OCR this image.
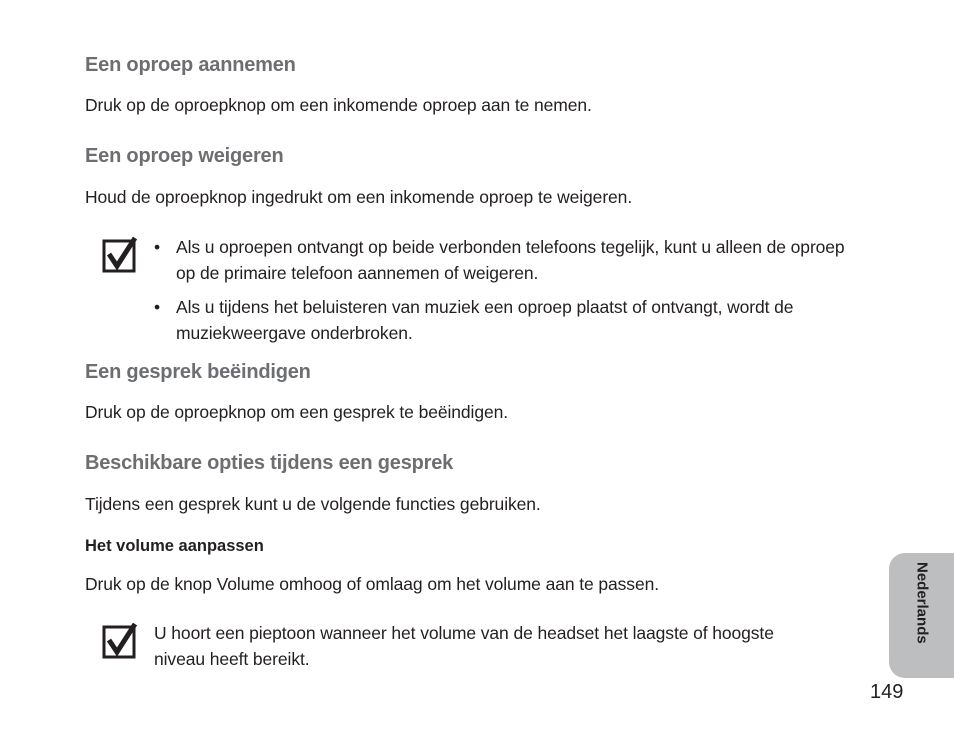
Een oproep aannemen

Druk op de oproepknop om een inkomende oproep aan te nemen.

Een oproep weigeren

Houd de oproepknop ingedrukt om een inkomende oproep te weigeren.

• Als u oproepen ontvangt op beide verbonden telefoons tegelijk, kunt u alleen de oproep op de primaire telefoon aannemen of weigeren.
• Als u tijdens het beluisteren van muziek een oproep plaatst of ontvangt, wordt de muziekweergave onderbroken.
Een gesprek beëindigen

Druk op de oproepknop om een gesprek te beëindigen.

Beschikbare opties tijdens een gesprek

Tijdens een gesprek kunt u de volgende functies gebruiken.

Het volume aanpassen

Druk op de knop Volume omhoog of omlaag om het volume aan te passen.

U hoort een pieptoon wanneer het volume van de headset het laagste of hoogste niveau heeft bereikt.

Nederlands
149
